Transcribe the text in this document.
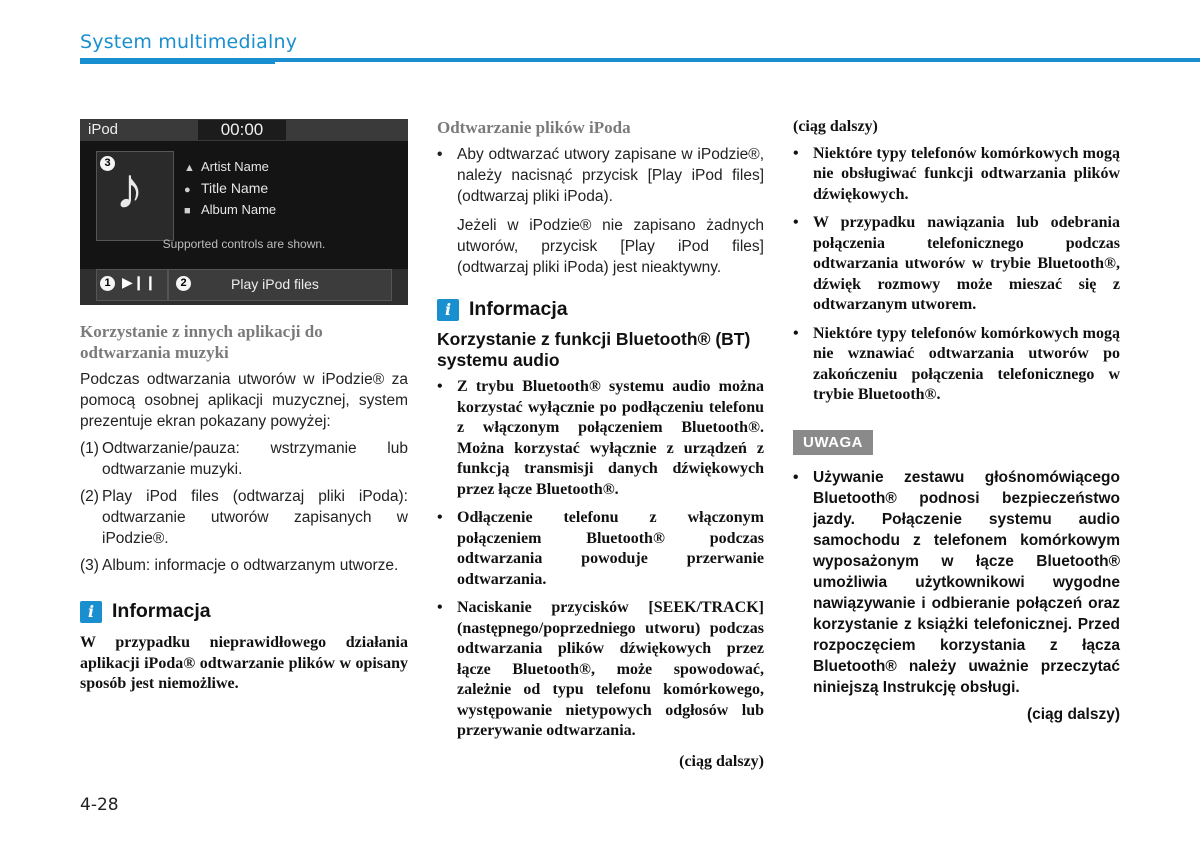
System multimedialny
iPod	00:00
♪
3	▲ Artist Name
● Title Name
■ Album Name
Supported controls are shown.
▶❙❙
1	Play iPod files
2
Korzystanie z innych aplikacji do odtwarzania muzyki
Podczas odtwarzania utworów w iPodzie® za pomocą osobnej aplikacji muzycznej, system prezentuje ekran pokazany powyżej:
(1) Odtwarzanie/pauza: wstrzymanie lub odtwarzanie muzyki.
(2) Play iPod files (odtwarzaj pliki iPoda): odtwarzanie utworów zapisanych w iPodzie®.
(3) Album: informacje o odtwarzanym utworze.
i Informacja
W przypadku nieprawidłowego działania aplikacji iPoda® odtwarzanie plików w opisany sposób jest niemożliwe.
Odtwarzanie plików iPoda
• Aby odtwarzać utwory zapisane w iPodzie®, należy nacisnąć przycisk [Play iPod files] (odtwarzaj pliki iPoda).
Jeżeli w iPodzie® nie zapisano żadnych utworów, przycisk [Play iPod files] (odtwarzaj pliki iPoda) jest nieaktywny.
i Informacja
Korzystanie z funkcji Bluetooth® (BT) systemu audio
• Z trybu Bluetooth® systemu audio można korzystać wyłącznie po podłączeniu telefonu z włączonym połączeniem Bluetooth®. Można korzystać wyłącznie z urządzeń z funkcją transmisji danych dźwiękowych przez łącze Bluetooth®.
• Odłączenie telefonu z włączonym połączeniem Bluetooth® podczas odtwarzania powoduje przerwanie odtwarzania.
• Naciskanie przycisków [SEEK/TRACK] (następnego/poprzedniego utworu) podczas odtwarzania plików dźwiękowych przez łącze Bluetooth®, może spowodować, zależnie od typu telefonu komórkowego, występowanie nietypowych odgłosów lub przerywanie odtwarzania.
(ciąg dalszy)
(ciąg dalszy)
• Niektóre typy telefonów komórkowych mogą nie obsługiwać funkcji odtwarzania plików dźwiękowych.
• W przypadku nawiązania lub odebrania połączenia telefonicznego podczas odtwarzania utworów w trybie Bluetooth®, dźwięk rozmowy może mieszać się z odtwarzanym utworem.
• Niektóre typy telefonów komórkowych mogą nie wznawiać odtwarzania utworów po zakończeniu połączenia telefonicznego w trybie Bluetooth®.
UWAGA
• Używanie zestawu głośnomówiącego Bluetooth® podnosi bezpieczeństwo jazdy. Połączenie systemu audio samochodu z telefonem komórkowym wyposażonym w łącze Bluetooth® umożliwia użytkownikowi wygodne nawiązywanie i odbieranie połączeń oraz korzystanie z książki telefonicznej. Przed rozpoczęciem korzystania z łącza Bluetooth® należy uważnie przeczytać niniejszą Instrukcję obsługi.
(ciąg dalszy)
4-28
